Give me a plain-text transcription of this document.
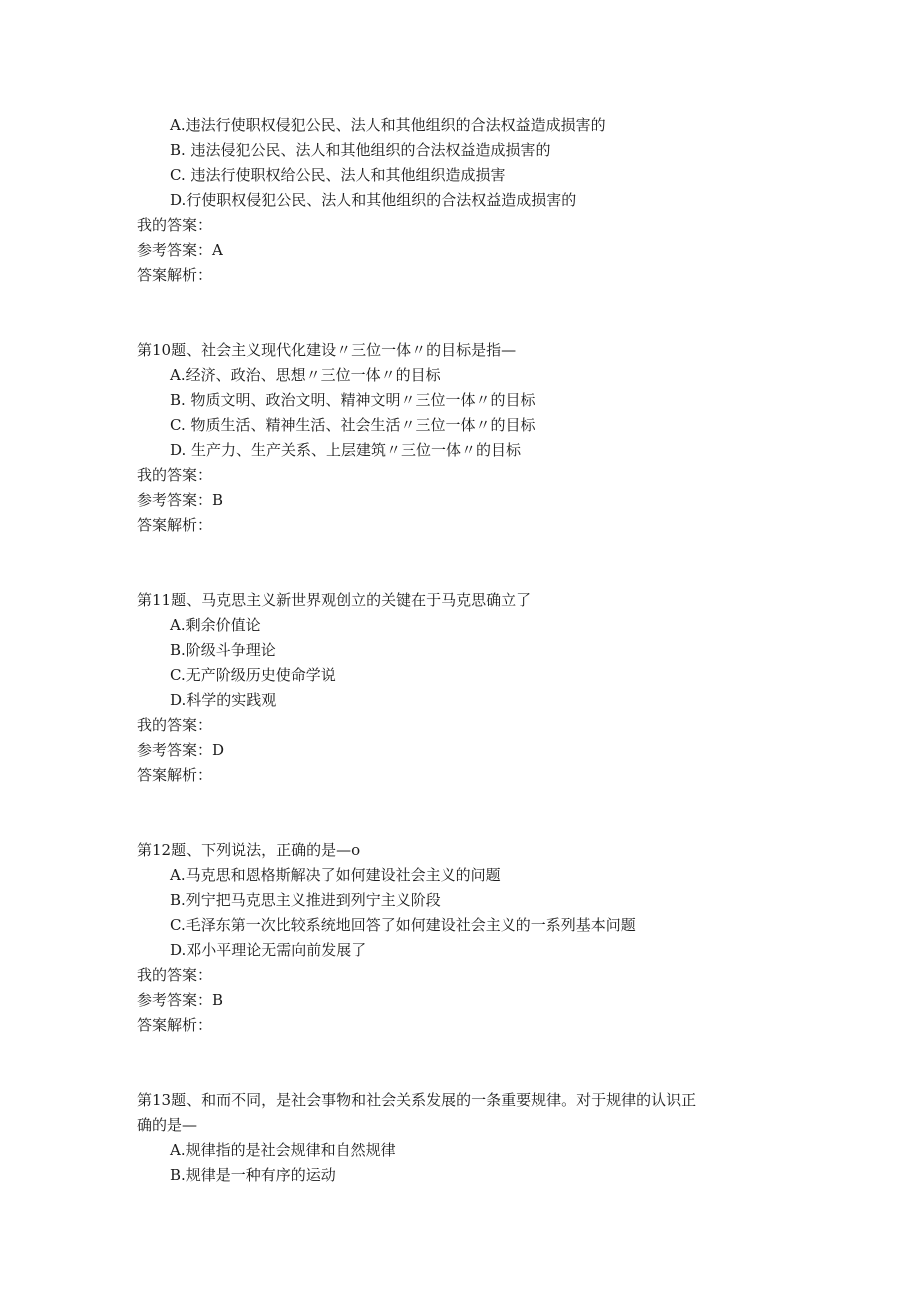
A.违法行使职权侵犯公民、法人和其他组织的合法权益造成损害的
B. 违法侵犯公民、法人和其他组织的合法权益造成损害的
C. 违法行使职权给公民、法人和其他组织造成损害
D.行使职权侵犯公民、法人和其他组织的合法权益造成损害的
我的答案：
参考答案：A
答案解析：
第10题、社会主义现代化建设〃三位一体〃的目标是指—
A.经济、政治、思想〃三位一体〃的目标
B. 物质文明、政治文明、精神文明〃三位一体〃的目标
C. 物质生活、精神生活、社会生活〃三位一体〃的目标
D. 生产力、生产关系、上层建筑〃三位一体〃的目标
我的答案：
参考答案：B
答案解析：
第11题、马克思主义新世界观创立的关键在于马克思确立了
A.剩余价值论
B.阶级斗争理论
C.无产阶级历史使命学说
D.科学的实践观
我的答案：
参考答案：D
答案解析：
第12题、下列说法，正确的是—o
A.马克思和恩格斯解决了如何建设社会主义的问题
B.列宁把马克思主义推进到列宁主义阶段
C.毛泽东第一次比较系统地回答了如何建设社会主义的一系列基本问题
D.邓小平理论无需向前发展了
我的答案：
参考答案：B
答案解析：
第13题、和而不同，是社会事物和社会关系发展的一条重要规律。对于规律的认识正
确的是—
A.规律指的是社会规律和自然规律
B.规律是一种有序的运动
